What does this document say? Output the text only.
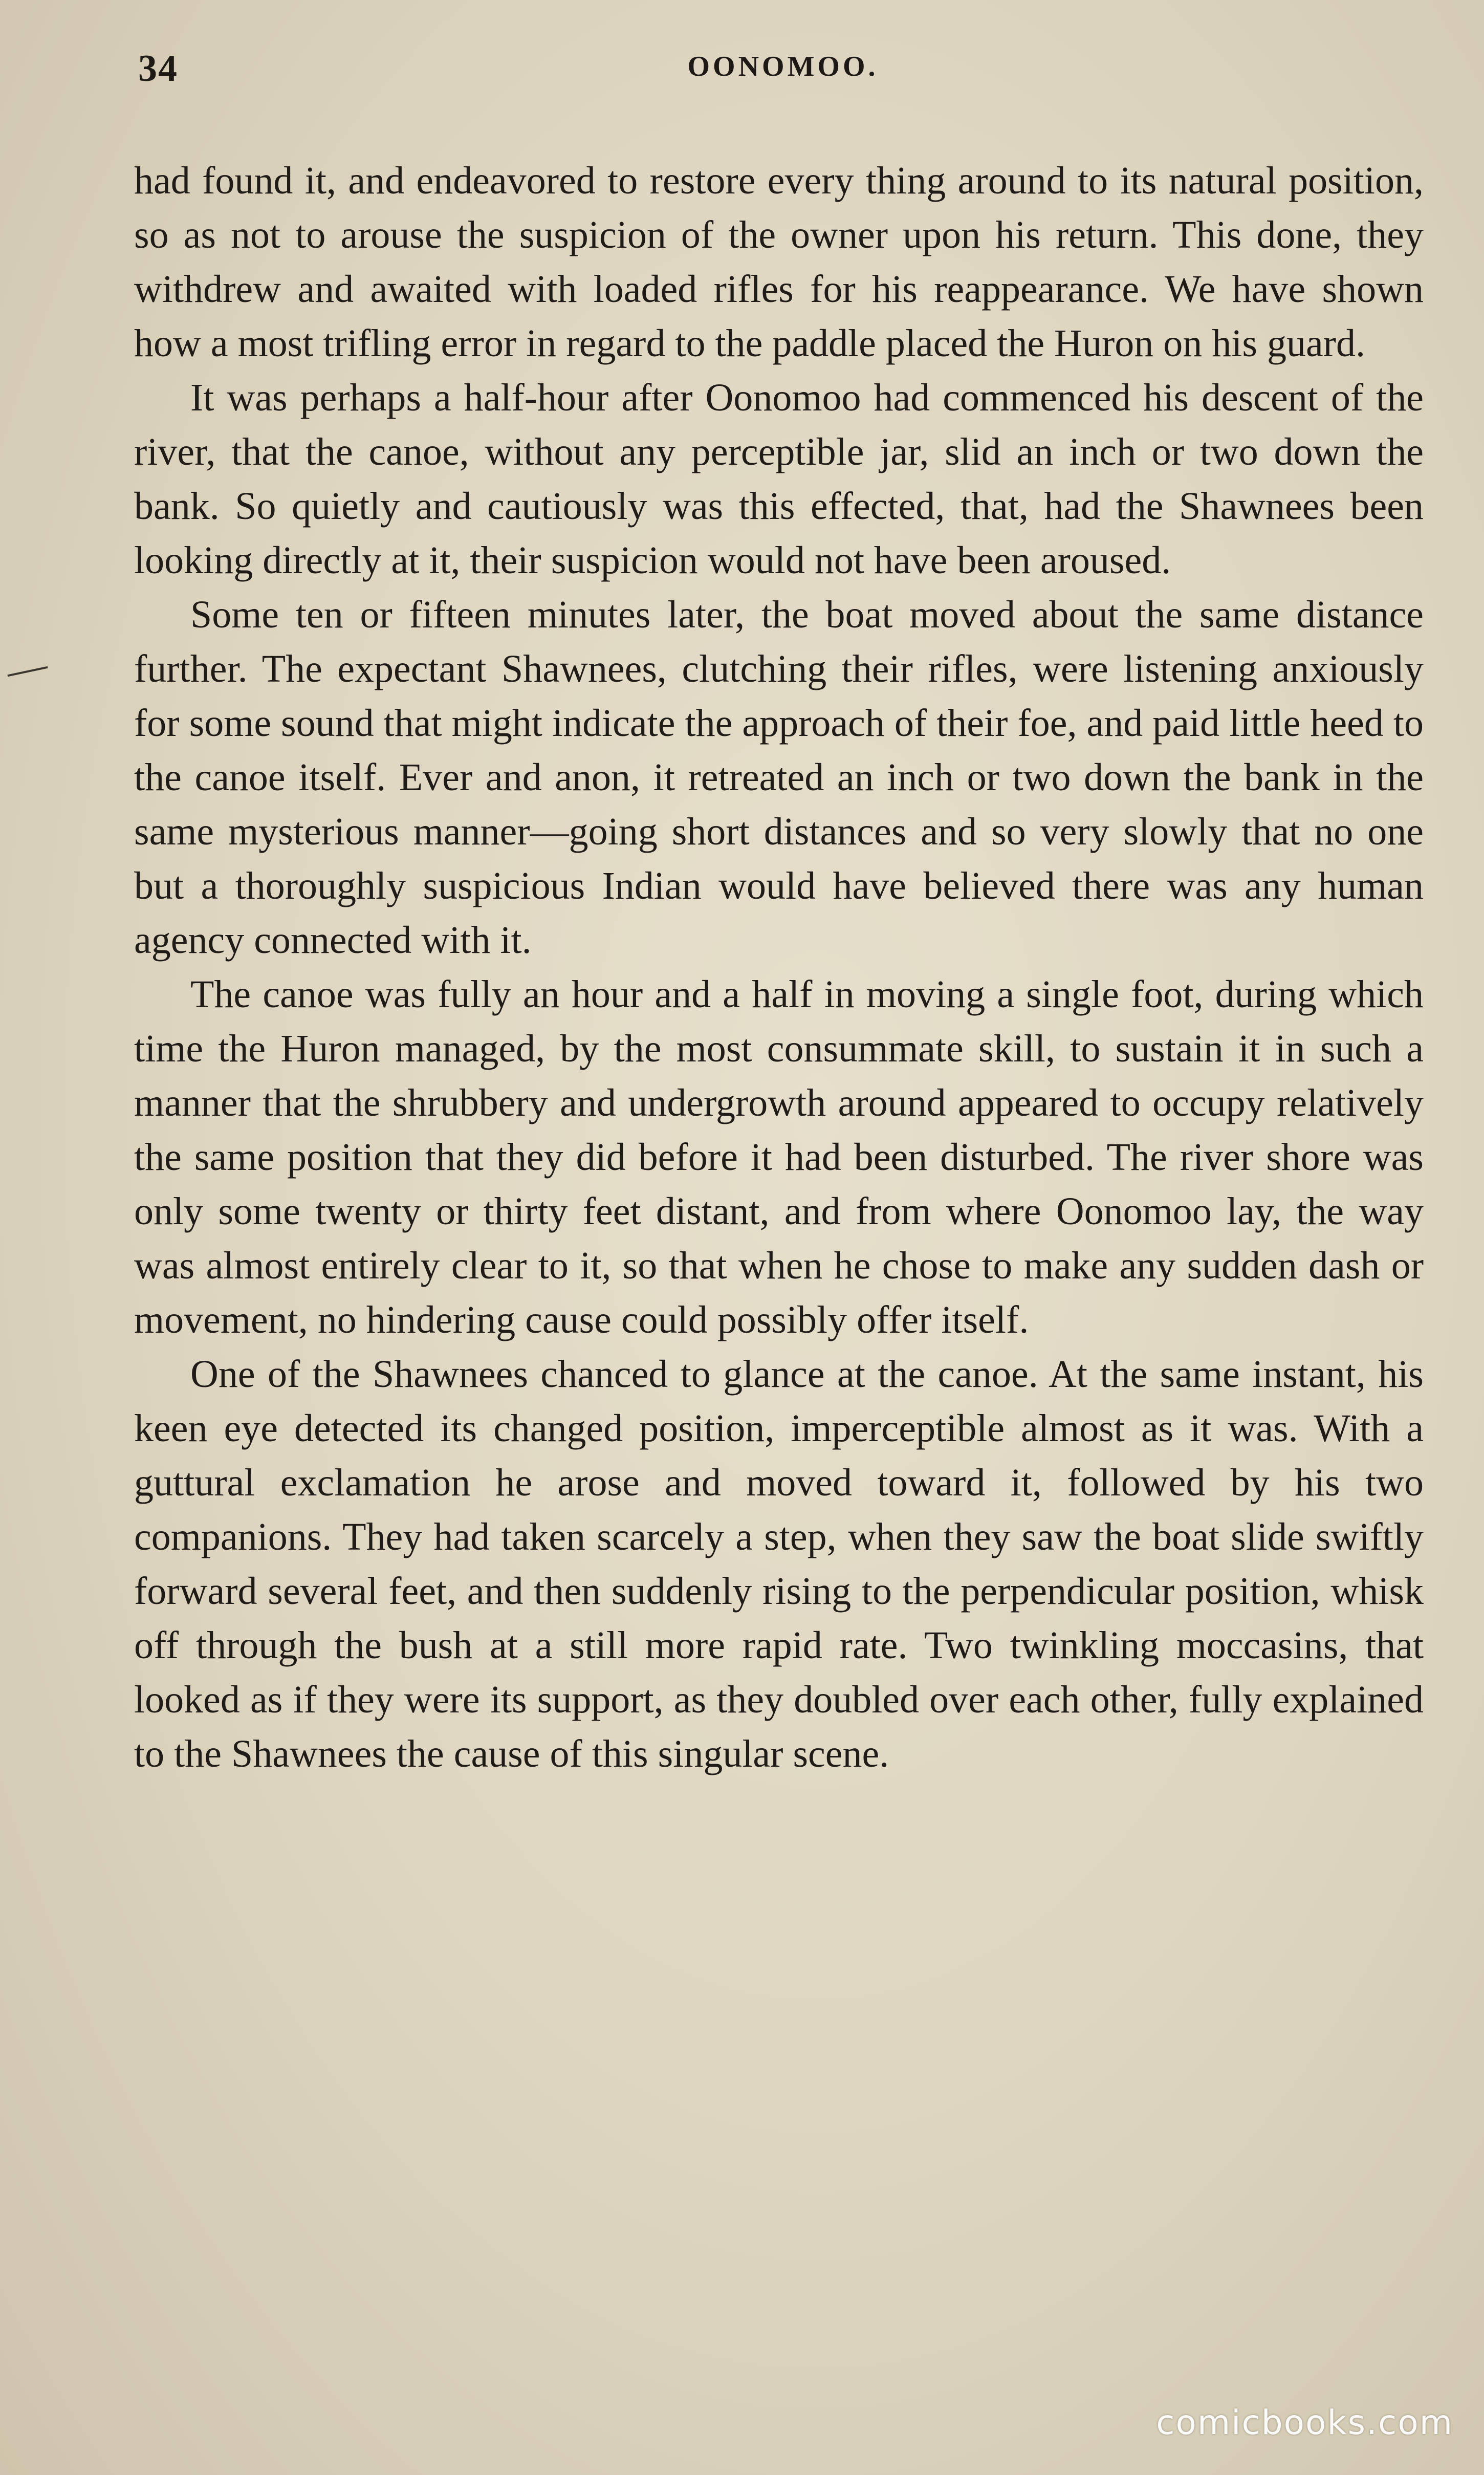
34	OONOMOO.

had found it, and endeavored to restore every thing around to its natural position, so as not to arouse the suspicion of the owner upon his return. This done, they withdrew and awaited with loaded rifles for his reappearance. We have shown how a most trifling error in regard to the paddle placed the Huron on his guard.

It was perhaps a half-hour after Oonomoo had commenced his descent of the river, that the canoe, without any perceptible jar, slid an inch or two down the bank. So quietly and cautiously was this effected, that, had the Shawnees been looking directly at it, their suspicion would not have been aroused.

Some ten or fifteen minutes later, the boat moved about the same distance further. The expectant Shawnees, clutching their rifles, were listening anxiously for some sound that might indicate the approach of their foe, and paid little heed to the canoe itself. Ever and anon, it retreated an inch or two down the bank in the same mysterious manner—going short distances and so very slowly that no one but a thoroughly suspicious Indian would have believed there was any human agency connected with it.

The canoe was fully an hour and a half in moving a single foot, during which time the Huron managed, by the most consummate skill, to sustain it in such a manner that the shrubbery and undergrowth around appeared to occupy relatively the same position that they did before it had been disturbed. The river shore was only some twenty or thirty feet distant, and from where Oonomoo lay, the way was almost entirely clear to it, so that when he chose to make any sudden dash or movement, no hindering cause could possibly offer itself.

One of the Shawnees chanced to glance at the canoe. At the same instant, his keen eye detected its changed position, imperceptible almost as it was. With a guttural exclamation he arose and moved toward it, followed by his two companions. They had taken scarcely a step, when they saw the boat slide swiftly forward several feet, and then suddenly rising to the perpendicular position, whisk off through the bush at a still more rapid rate. Two twinkling moccasins, that looked as if they were its support, as they doubled over each other, fully explained to the Shawnees the cause of this singular scene.

comicbooks.com
